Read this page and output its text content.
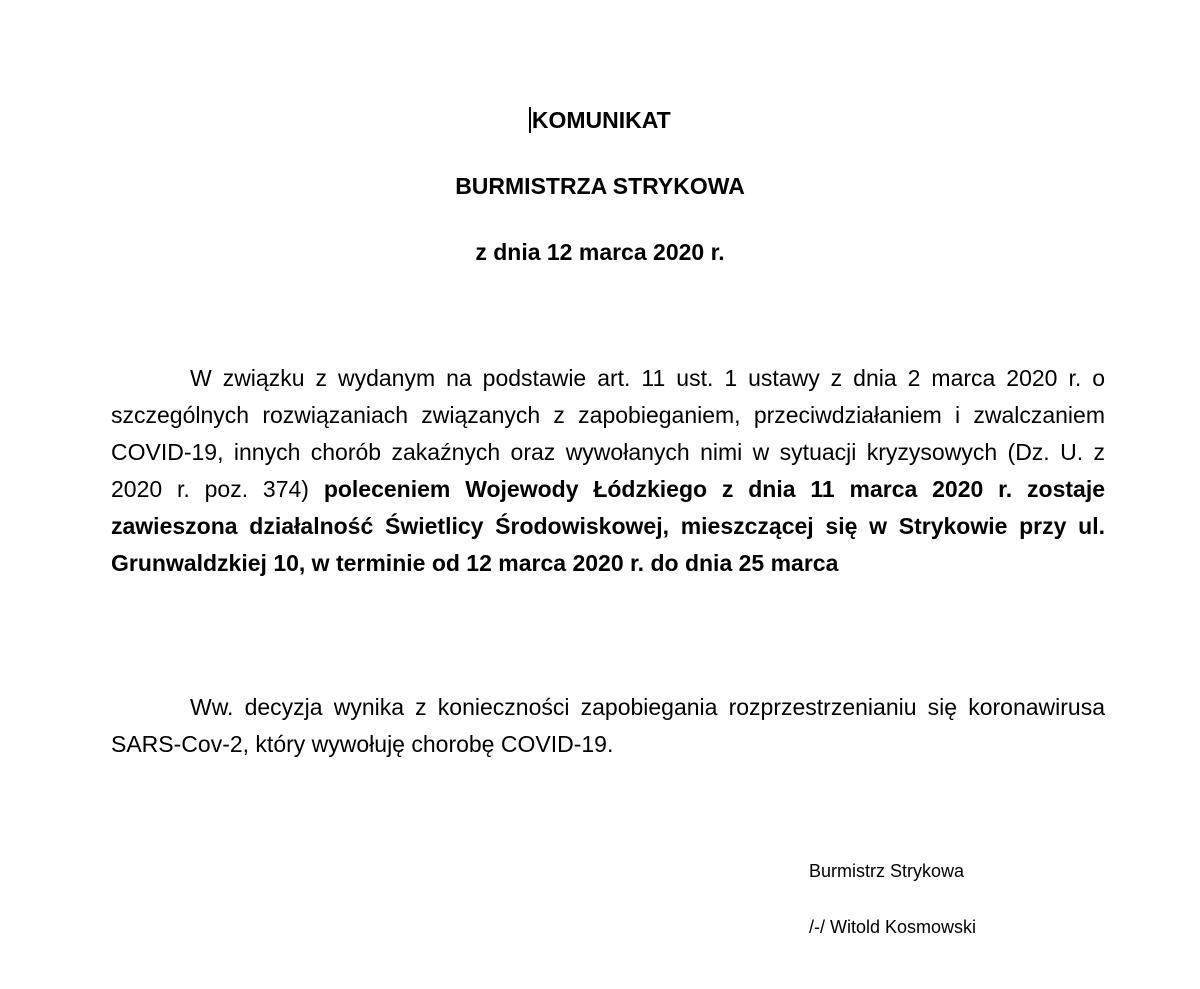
KOMUNIKAT
BURMISTRZA STRYKOWA
z dnia 12 marca 2020 r.

W związku z wydanym na podstawie art. 11 ust. 1 ustawy z dnia 2 marca 2020 r. o szczególnych rozwiązaniach związanych z zapobieganiem, przeciwdziałaniem i zwalczaniem COVID-19, innych chorób zakaźnych oraz wywołanych nimi w sytuacji kryzysowych (Dz. U. z 2020 r. poz. 374) poleceniem Wojewody Łódzkiego z dnia 11 marca 2020 r. zostaje zawieszona działalność Świetlicy Środowiskowej, mieszczącej się w Strykowie przy ul. Grunwaldzkiej 10, w terminie od 12 marca 2020 r. do dnia 25 marca

Ww. decyzja wynika z konieczności zapobiegania rozprzestrzenianiu się koronawirusa SARS-Cov-2, który wywołuję chorobę COVID-19.

Burmistrz Strykowa

/-/ Witold Kosmowski
